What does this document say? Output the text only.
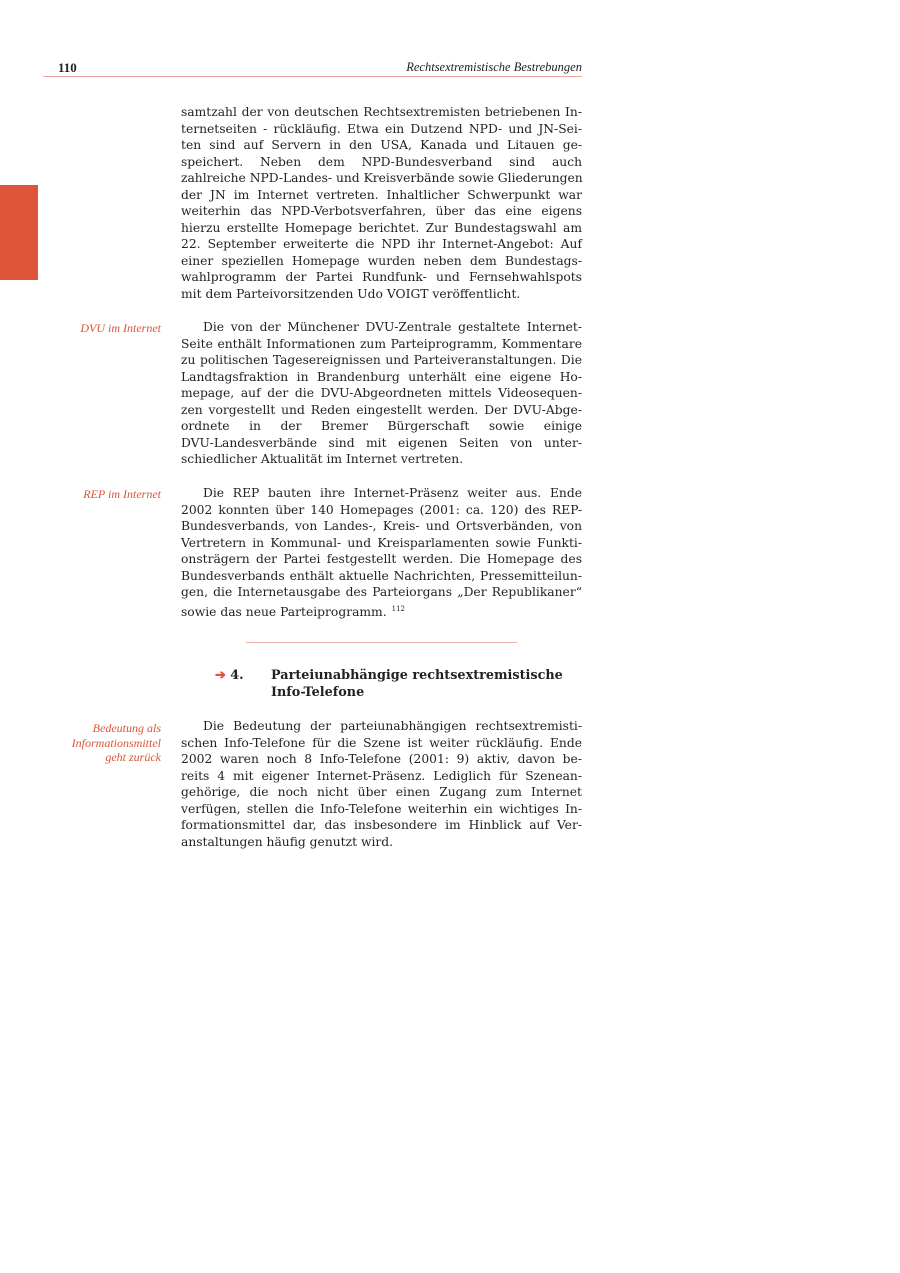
110	Rechtsextremistische Bestrebungen
samtzahl der von deutschen Rechtsextremisten betriebenen In-
ternetseiten - rückläufig. Etwa ein Dutzend NPD- und JN-Sei-
ten sind auf Servern in den USA, Kanada und Litauen ge-
speichert. Neben dem NPD-Bundesverband sind auch
zahlreiche NPD-Landes- und Kreisverbände sowie Gliederungen
der JN im Internet vertreten. Inhaltlicher Schwerpunkt war
weiterhin das NPD-Verbotsverfahren, über das eine eigens
hierzu erstellte Homepage berichtet. Zur Bundestagswahl am
22. September erweiterte die NPD ihr Internet-Angebot: Auf
einer speziellen Homepage wurden neben dem Bundestags-
wahlprogramm der Partei Rundfunk- und Fernsehwahlspots
mit dem Parteivorsitzenden Udo VOIGT veröffentlicht.
DVU im Internet	Die von der Münchener DVU-Zentrale gestaltete Internet-
Seite enthält Informationen zum Parteiprogramm, Kommentare
zu politischen Tagesereignissen und Parteiveranstaltungen. Die
Landtagsfraktion in Brandenburg unterhält eine eigene Ho-
mepage, auf der die DVU-Abgeordneten mittels Videosequen-
zen vorgestellt und Reden eingestellt werden. Der DVU-Abge-
ordnete in der Bremer Bürgerschaft sowie einige
DVU-Landesverbände sind mit eigenen Seiten von unter-
schiedlicher Aktualität im Internet vertreten.
REP im Internet	Die REP bauten ihre Internet-Präsenz weiter aus. Ende
2002 konnten über 140 Homepages (2001: ca. 120) des REP-
Bundesverbands, von Landes-, Kreis- und Ortsverbänden, von
Vertretern in Kommunal- und Kreisparlamenten sowie Funkti-
onsträgern der Partei festgestellt werden. Die Homepage des
Bundesverbands enthält aktuelle Nachrichten, Pressemitteilun-
gen, die Internetausgabe des Parteiorgans „Der Republikaner“
sowie das neue Parteiprogramm. $^{112}$
➔ 4. Parteiunabhängige rechtsextremistische
Info-Telefone
Bedeutung als
Informationsmittel
geht zurück
Die Bedeutung der parteiunabhängigen rechtsextremisti-
schen Info-Telefone für die Szene ist weiter rückläufig. Ende
2002 waren noch 8 Info-Telefone (2001: 9) aktiv, davon be-
reits 4 mit eigener Internet-Präsenz. Lediglich für Szenean-
gehörige, die noch nicht über einen Zugang zum Internet
verfügen, stellen die Info-Telefone weiterhin ein wichtiges In-
formationsmittel dar, das insbesondere im Hinblick auf Ver-
anstaltungen häufig genutzt wird.
